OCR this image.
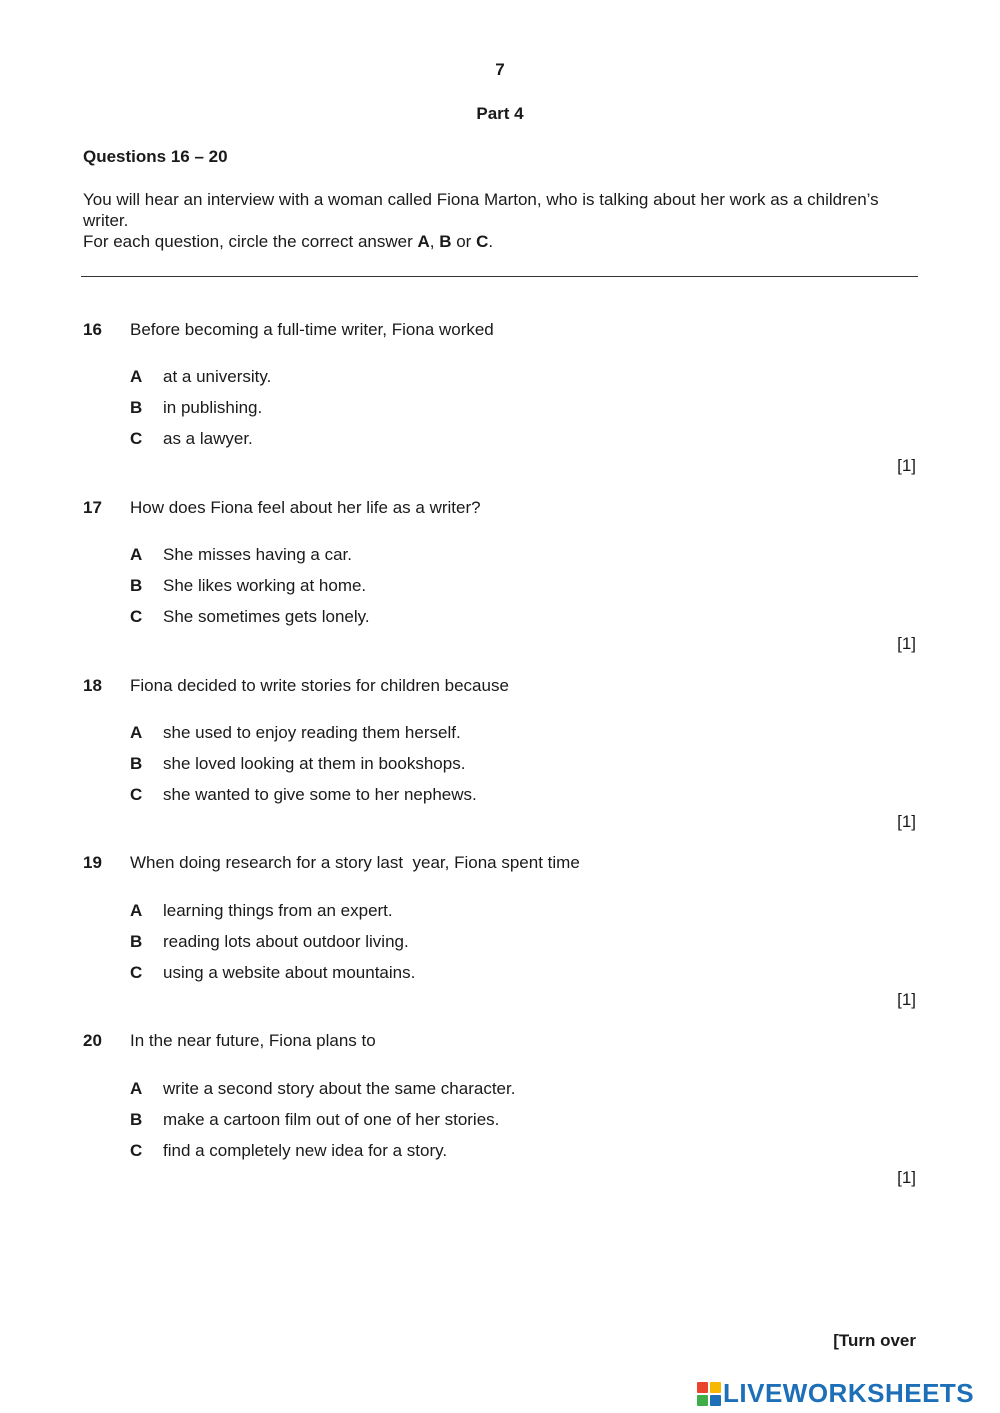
7
Part 4
Questions 16 – 20
You will hear an interview with a woman called Fiona Marton, who is talking about her work as a children’s writer.
For each question, circle the correct answer A, B or C.
16 Before becoming a full-time writer, Fiona worked
A at a university.
B in publishing.
C as a lawyer.
[1]
17 How does Fiona feel about her life as a writer?
A She misses having a car.
B She likes working at home.
C She sometimes gets lonely.
[1]
18 Fiona decided to write stories for children because
A she used to enjoy reading them herself.
B she loved looking at them in bookshops.
C she wanted to give some to her nephews.
[1]
19 When doing research for a story last  year, Fiona spent time
A learning things from an expert.
B reading lots about outdoor living.
C using a website about mountains.
[1]
20 In the near future, Fiona plans to
A write a second story about the same character.
B make a cartoon film out of one of her stories.
C find a completely new idea for a story.
[1]
[Turn over
LIVEWORKSHEETS
